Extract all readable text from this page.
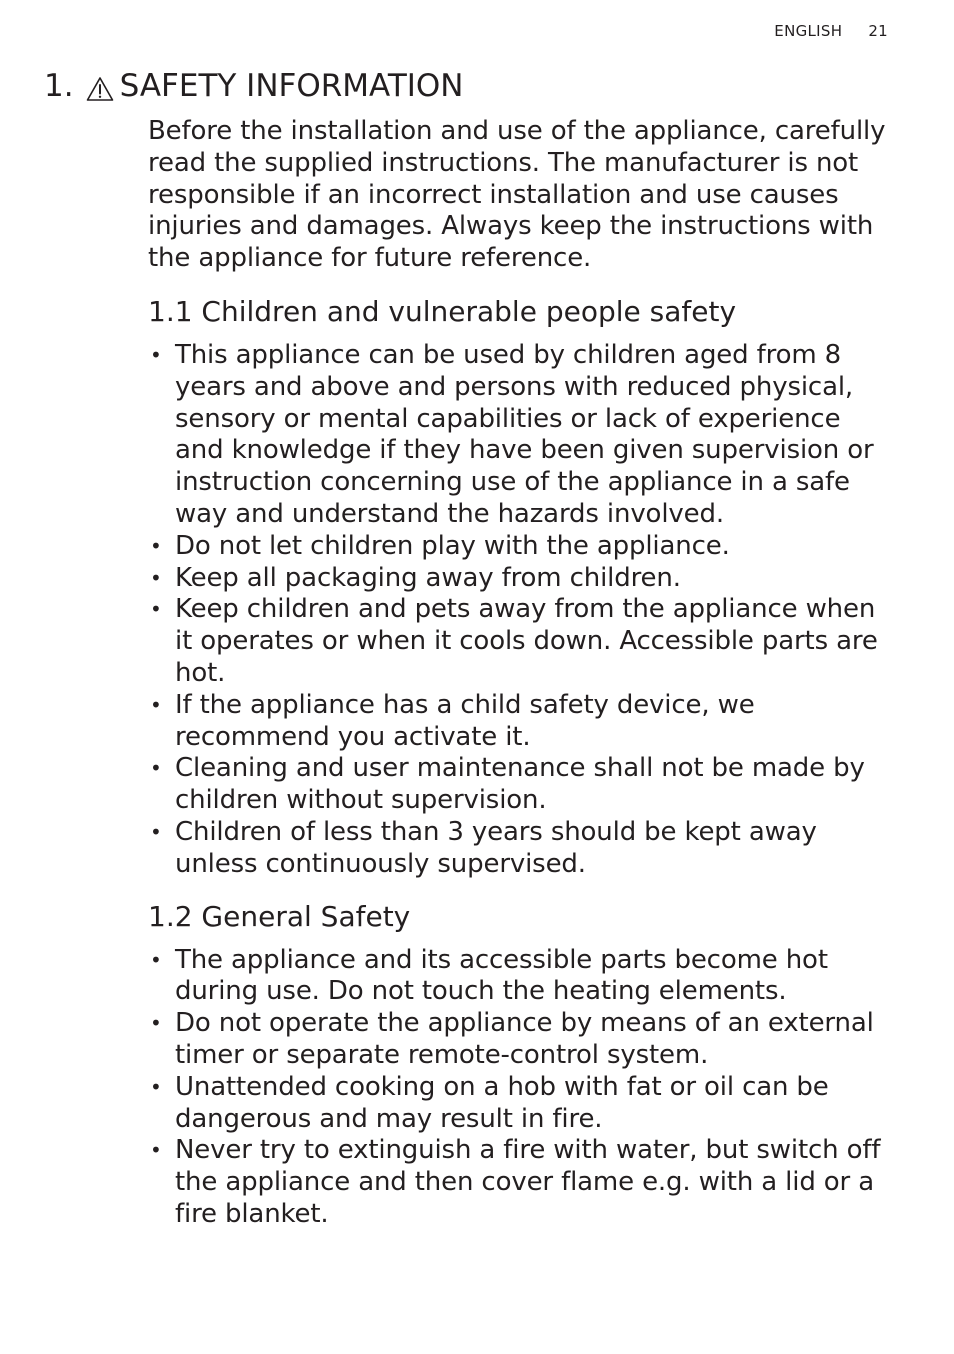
ENGLISH 21
1. SAFETY INFORMATION

Before the installation and use of the appliance, carefully read the supplied instructions. The manufacturer is not responsible if an incorrect installation and use causes injuries and damages. Always keep the instructions with the appliance for future reference.

1.1 Children and vulnerable people safety
• This appliance can be used by children aged from 8 years and above and persons with reduced physical, sensory or mental capabilities or lack of experience and knowledge if they have been given supervision or instruction concerning use of the appliance in a safe way and understand the hazards involved.
• Do not let children play with the appliance.
• Keep all packaging away from children.
• Keep children and pets away from the appliance when it operates or when it cools down. Accessible parts are hot.
• If the appliance has a child safety device, we recommend you activate it.
• Cleaning and user maintenance shall not be made by children without supervision.
• Children of less than 3 years should be kept away unless continuously supervised.
1.2 General Safety
• The appliance and its accessible parts become hot during use. Do not touch the heating elements.
• Do not operate the appliance by means of an external timer or separate remote-control system.
• Unattended cooking on a hob with fat or oil can be dangerous and may result in fire.
• Never try to extinguish a fire with water, but switch off the appliance and then cover flame e.g. with a lid or a fire blanket.
